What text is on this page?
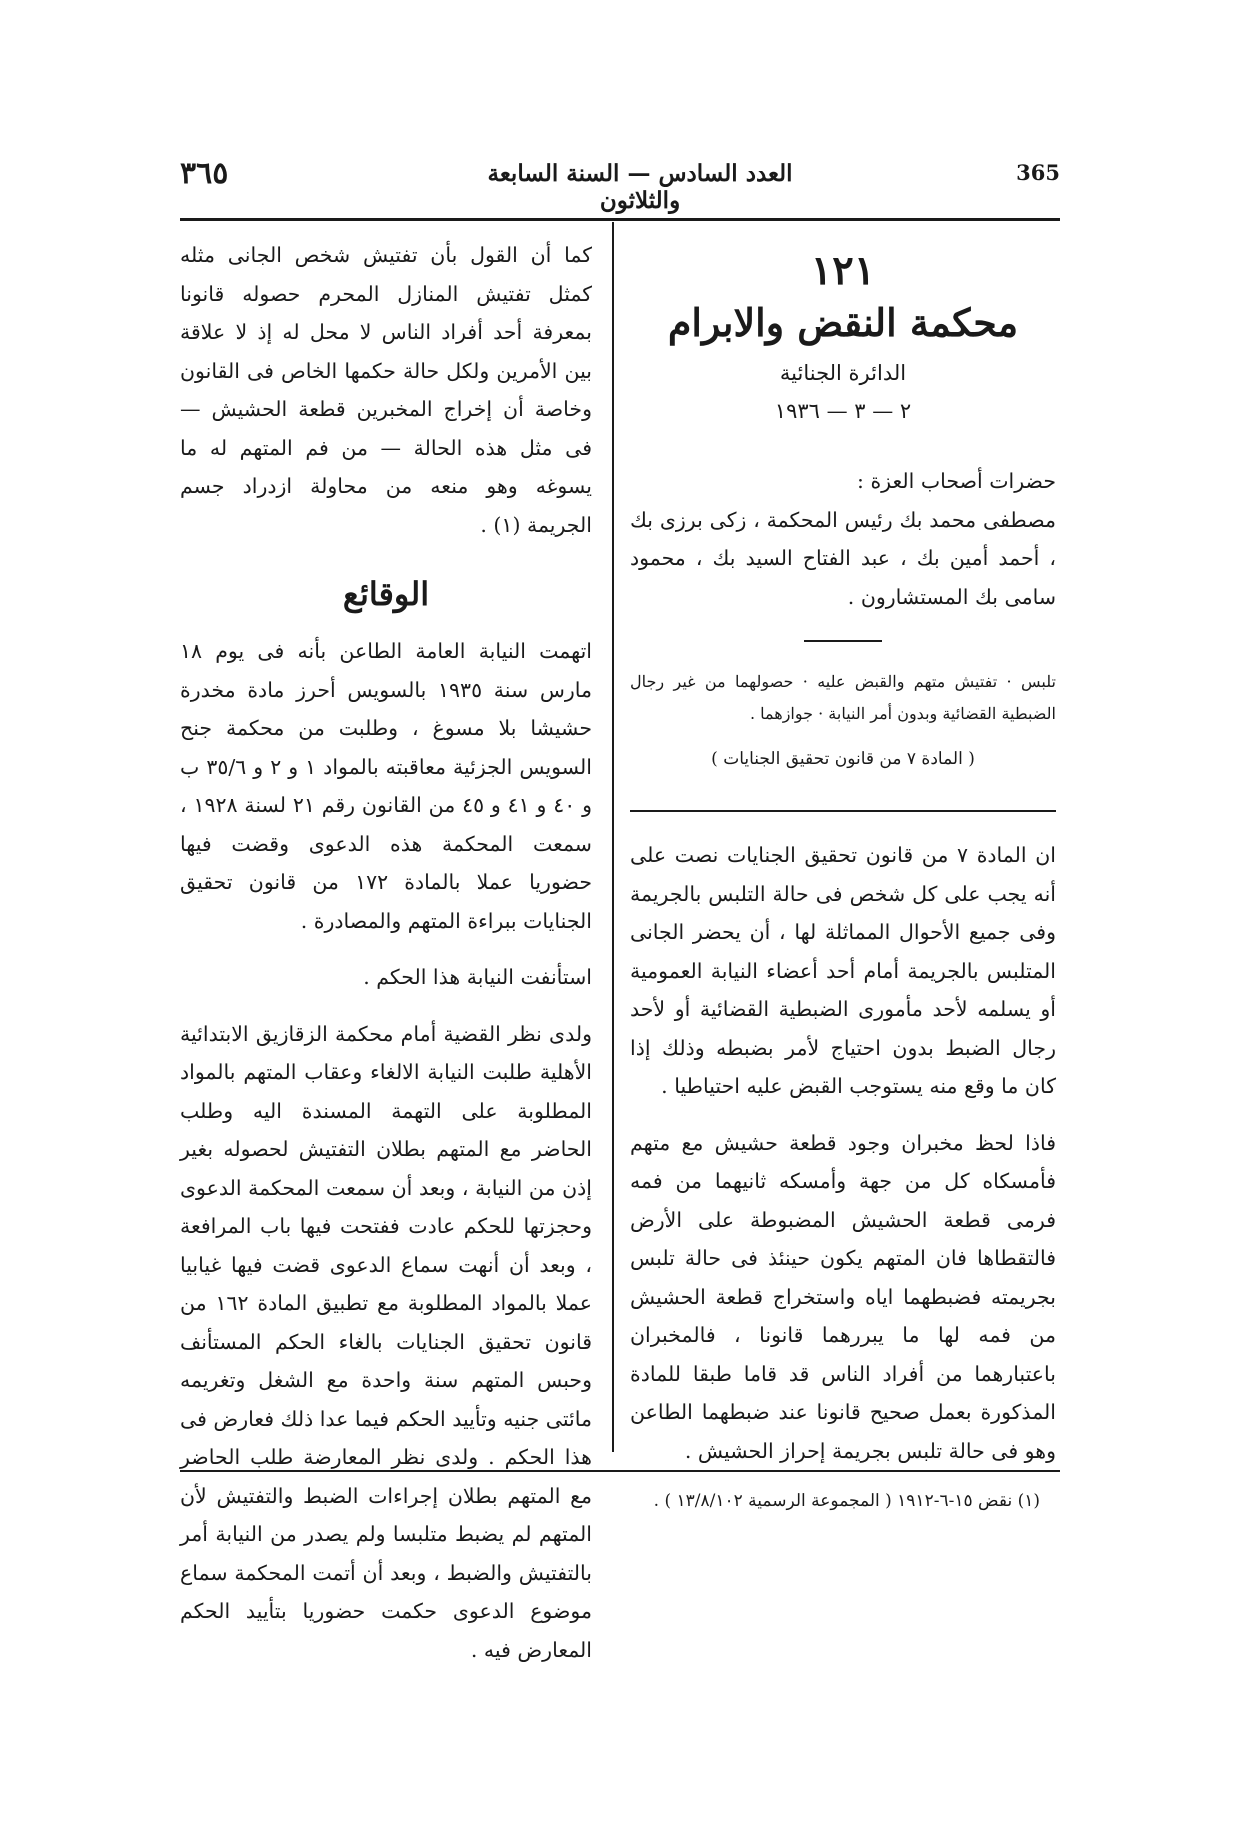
٣٦٥	العدد السادس — السنة السابعة والثلاثون
365

١٢١

محكمة النقض والابرام

الدائرة الجنائية

٢ — ٣ — ١٩٣٦

حضرات أصحاب العزة :

مصطفى محمد بك رئيس المحكمة ، زكى برزى بك ، أحمد أمين بك ، عبد الفتاح السيد بك ، محمود سامى بك المستشارون .

تلبس · تفتيش متهم والقبض عليه · حصولهما من غير رجال الضبطية القضائية وبدون أمر النيابة · جوازهما .

( المادة ٧ من قانون تحقيق الجنايات )

ان المادة ٧ من قانون تحقيق الجنايات نصت على أنه يجب على كل شخص فى حالة التلبس بالجريمة وفى جميع الأحوال المماثلة لها ، أن يحضر الجانى المتلبس بالجريمة أمام أحد أعضاء النيابة العمومية أو يسلمه لأحد مأمورى الضبطية القضائية أو لأحد رجال الضبط بدون احتياج لأمر بضبطه وذلك إذا كان ما وقع منه يستوجب القبض عليه احتياطيا .

فاذا لحظ مخبران وجود قطعة حشيش مع متهم فأمسكاه كل من جهة وأمسكه ثانيهما من فمه فرمى قطعة الحشيش المضبوطة على الأرض فالتقطاها فان المتهم يكون حينئذ فى حالة تلبس بجريمته فضبطهما اياه واستخراج قطعة الحشيش من فمه لها ما يبررهما قانونا ، فالمخبران باعتبارهما من أفراد الناس قد قاما طبقا للمادة المذكورة بعمل صحيح قانونا عند ضبطهما الطاعن وهو فى حالة تلبس بجريمة إحراز الحشيش .

كما أن القول بأن تفتيش شخص الجانى مثله كمثل تفتيش المنازل المحرم حصوله قانونا بمعرفة أحد أفراد الناس لا محل له إذ لا علاقة بين الأمرين ولكل حالة حكمها الخاص فى القانون وخاصة أن إخراج المخبرين قطعة الحشيش — فى مثل هذه الحالة — من فم المتهم له ما يسوغه وهو منعه من محاولة ازدراد جسم الجريمة (١) .

الوقائع

اتهمت النيابة العامة الطاعن بأنه فى يوم ١٨ مارس سنة ١٩٣٥ بالسويس أحرز مادة مخدرة حشيشا بلا مسوغ ، وطلبت من محكمة جنح السويس الجزئية معاقبته بالمواد ١ و ٢ و ٣٥/٦ ب و ٤٠ و ٤١ و ٤٥ من القانون رقم ٢١ لسنة ١٩٢٨ ، سمعت المحكمة هذه الدعوى وقضت فيها حضوريا عملا بالمادة ١٧٢ من قانون تحقيق الجنايات ببراءة المتهم والمصادرة .

استأنفت النيابة هذا الحكم .

ولدى نظر القضية أمام محكمة الزقازيق الابتدائية الأهلية طلبت النيابة الالغاء وعقاب المتهم بالمواد المطلوبة على التهمة المسندة اليه وطلب الحاضر مع المتهم بطلان التفتيش لحصوله بغير إذن من النيابة ، وبعد أن سمعت المحكمة الدعوى وحجزتها للحكم عادت ففتحت فيها باب المرافعة ، وبعد أن أنهت سماع الدعوى قضت فيها غيابيا عملا بالمواد المطلوبة مع تطبيق المادة ١٦٢ من قانون تحقيق الجنايات بالغاء الحكم المستأنف وحبس المتهم سنة واحدة مع الشغل وتغريمه مائتى جنيه وتأييد الحكم فيما عدا ذلك فعارض فى هذا الحكم . ولدى نظر المعارضة طلب الحاضر مع المتهم بطلان إجراءات الضبط والتفتيش لأن المتهم لم يضبط متلبسا ولم يصدر من النيابة أمر بالتفتيش والضبط ، وبعد أن أتمت المحكمة سماع موضوع الدعوى حكمت حضوريا بتأييد الحكم المعارض فيه .

(١) نقض ١٥-٦-١٩١٢ ( المجموعة الرسمية ١٣/٨/١٠٢ ) .
